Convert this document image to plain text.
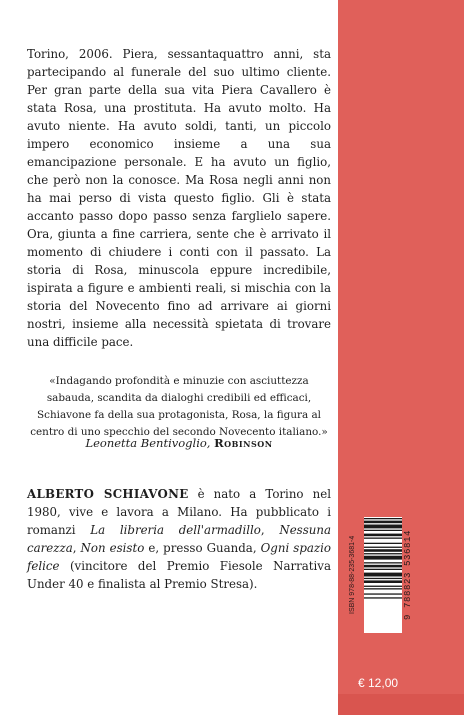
Torino, 2006. Piera, sessantaquattro anni, sta partecipando al funerale del suo ultimo cliente. Per gran parte della sua vita Piera Cavallero è stata Rosa, una prostituta. Ha avuto molto. Ha avuto niente. Ha avuto soldi, tanti, un piccolo impero economico insieme a una sua emancipazione personale. E ha avuto un figlio, che però non la conosce. Ma Rosa negli anni non ha mai perso di vista questo figlio. Gli è stata accanto passo dopo passo senza farglielo sapere. Ora, giunta a fine carriera, sente che è arrivato il momento di chiudere i conti con il passato. La storia di Rosa, minuscola eppure incredibile, ispirata a figure e ambienti reali, si mischia con la storia del Novecento fino ad arrivare ai giorni nostri, insieme alla necessità spietata di trovare una difficile pace.
«Indagando profondità e minuzie con asciuttezza sabauda, scandita da dialoghi credibili ed efficaci, Schiavone fa della sua protagonista, Rosa, la figura al centro di uno specchio del secondo Novecento italiano.»
Leonetta Bentivoglio, Robinson
ALBERTO SCHIAVONE è nato a Torino nel 1980, vive e lavora a Milano. Ha pubblicato i romanzi La libreria dell'armadillo, Nessuna carezza, Non esisto e, presso Guanda, Ogni spazio felice (vincitore del Premio Fiesole Narrativa Under 40 e finalista al Premio Stresa).	ISBN 978-88-235-3681-4	9 788823 536814
€ 12,00
